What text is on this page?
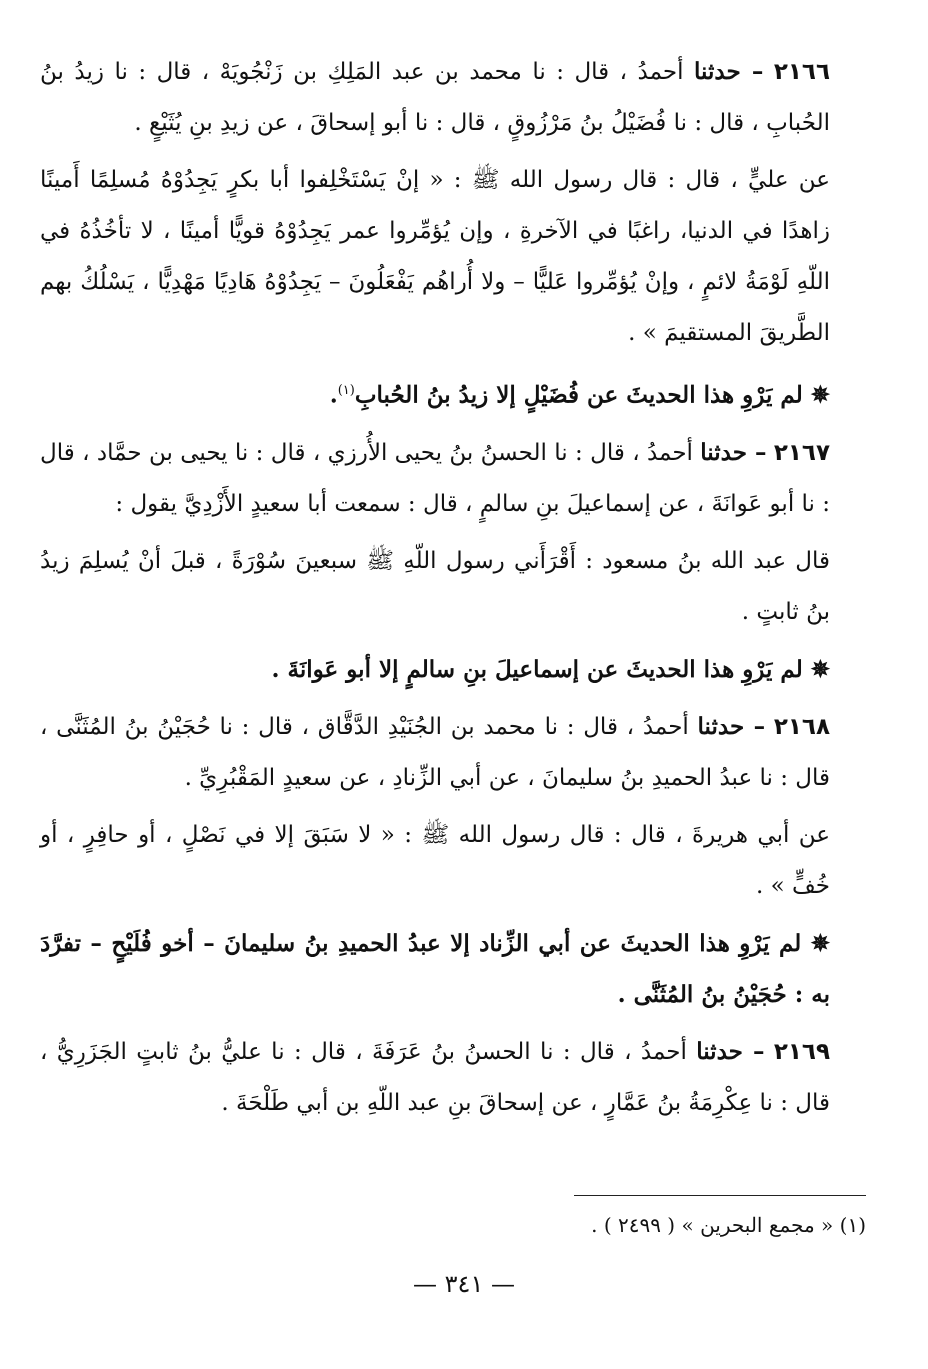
٢١٦٦ – حدثنا أحمدُ ، قال : نا محمد بن عبد المَلِكِ بن زَنْجُويَهْ ، قال : نا زيدُ بنُ الحُبابِ ، قال : نا فُضَيْلُ بنُ مَرْزُوقٍ ، قال : نا أبو إسحاقَ ، عن زيدِ بنِ يُثَيْعٍ .

عن عليٍّ ، قال : قال رسول الله ﷺ : « إنْ يَسْتَخْلِفوا أبا بكرٍ يَجِدُوْهُ مُسلِمًا أَمينًا زاهدًا في الدنيا، راغبًا في الآخرةِ ، وإن يُؤمِّروا عمر يَجِدُوْهُ قويًّا أمينًا ، لا تأخُذُهُ في اللّهِ لَوْمَةُ لائمٍ ، وإنْ يُؤمِّروا عَليًّا – ولا أُراهُم يَفْعَلُونَ – يَجِدُوْهُ هَادِيًا مَهْدِيًّا ، يَسْلُكُ بهم الطَّريقَ المستقيمَ » .

✵ لم يَرْوِ هذا الحديثَ عن فُضَيْلٍ إلا زيدُ بنُ الحُبابِ$^{(١)}$.

٢١٦٧ – حدثنا أحمدُ ، قال : نا الحسنُ بنُ يحيى الأُرزي ، قال : نا يحيى بن حمَّاد ، قال : نا أبو عَوانَةَ ، عن إسماعيلَ بنِ سالمٍ ، قال : سمعت أبا سعيدٍ الأَزْدِيَّ يقول :

قال عبد الله بنُ مسعود : أَقْرَأَني رسول اللّهِ ﷺ سبعينَ سُوْرَةً ، قبلَ أنْ يُسلِمَ زيدُ بنُ ثابتٍ .

✵ لم يَرْوِ هذا الحديثَ عن إسماعيلَ بنِ سالمٍ إلا أبو عَوانَةَ .

٢١٦٨ – حدثنا أحمدُ ، قال : نا محمد بن الجُنَيْدِ الدَّقَّاق ، قال : نا حُجَيْنُ بنُ المُثَنَّى ، قال : نا عبدُ الحميدِ بنُ سليمانَ ، عن أبي الزِّنادِ ، عن سعيدٍ المَقْبُرِيِّ .

عن أبي هريرةَ ، قال : قال رسول الله ﷺ : « لا سَبَقَ إلا في نَصْلٍ ، أو حافِرٍ ، أو خُفٍّ » .

✵ لم يَرْوِ هذا الحديثَ عن أبي الزِّناد إلا عبدُ الحميدِ بنُ سليمانَ – أخو فُلَيْحٍ – تفرَّدَ به : حُجَيْنُ بنُ المُثَنَّى .

٢١٦٩ – حدثنا أحمدُ ، قال : نا الحسنُ بنُ عَرَفَةَ ، قال : نا عليُّ بنُ ثابتٍ الجَزَرِيُّ ، قال : نا عِكْرِمَةُ بنُ عَمَّارٍ ، عن إسحاقَ بنِ عبد اللّهِ بن أبي طَلْحَةَ .

(١) « مجمع البحرين » ( ٢٤٩٩ ) .
— ٣٤١ —
